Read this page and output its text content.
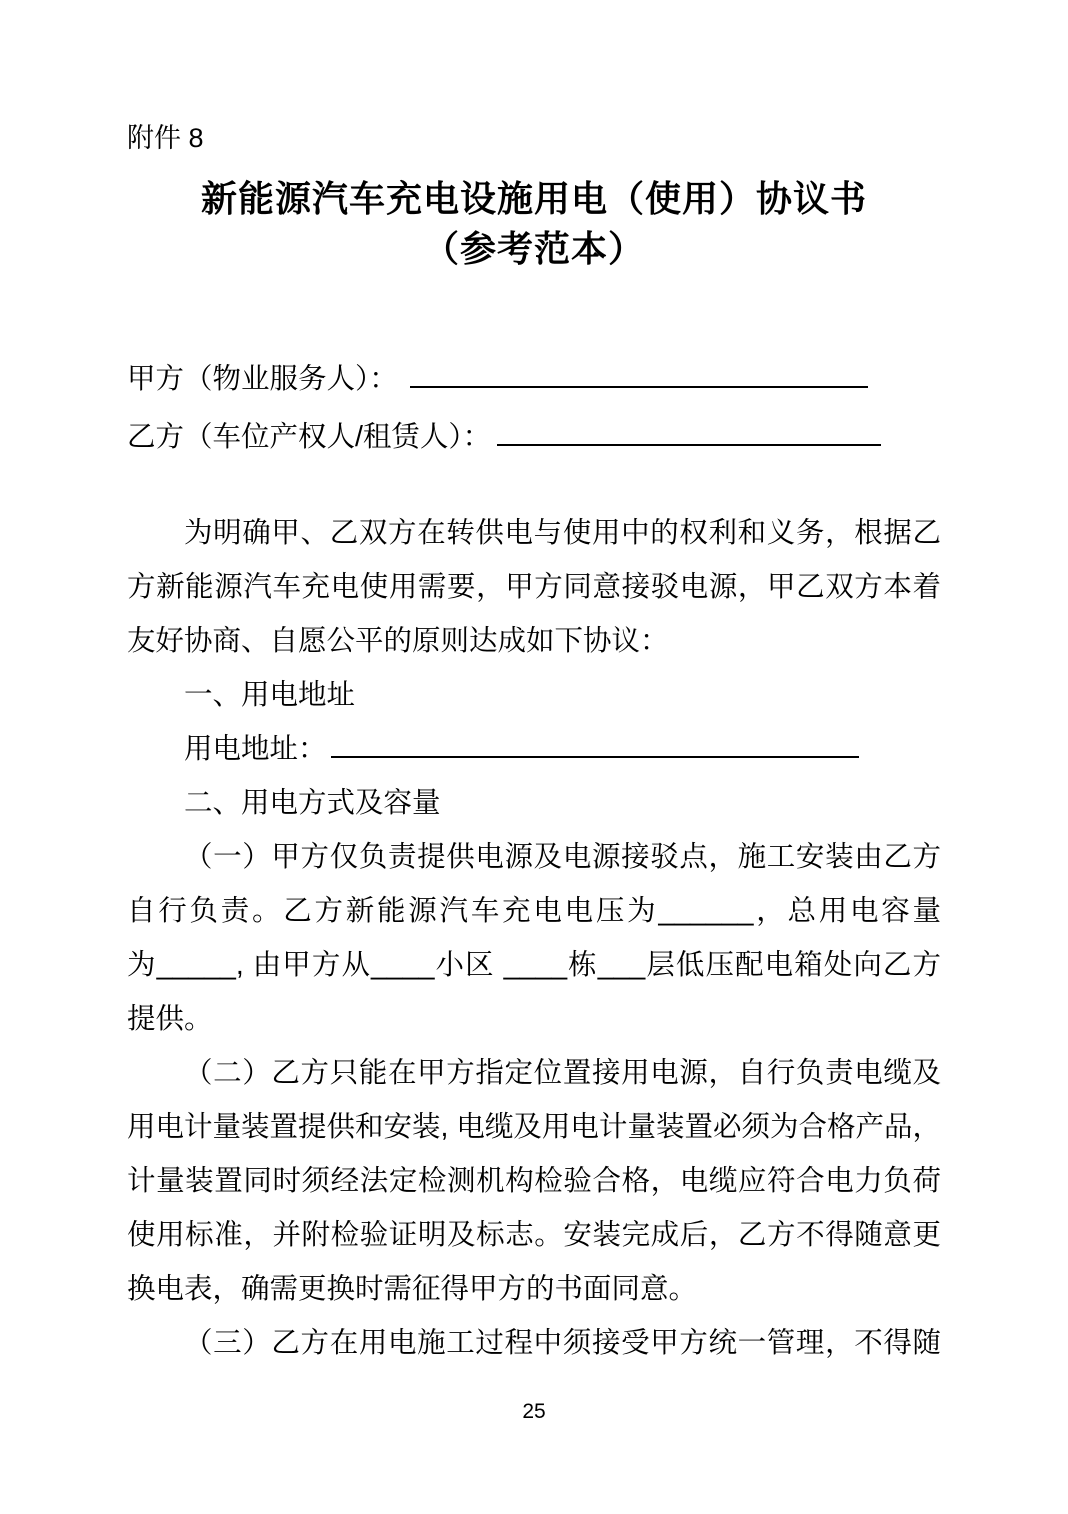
附件 8
新能源汽车充电设施用电（使用）协议书
（参考范本）
甲方（物业服务人）：
乙方（车位产权人/租赁人）：
为明确甲、乙双方在转供电与使用中的权利和义务，根据乙
方新能源汽车充电使用需要，甲方同意接驳电源，甲乙双方本着
友好协商、自愿公平的原则达成如下协议：
一、用电地址
用电地址：
二、用电方式及容量
（一）甲方仅负责提供电源及电源接驳点，施工安装由乙方
自行负责。乙方新能源汽车充电电压为______，总用电容量
为_____, 由甲方从____小区 ____栋___层低压配电箱处向乙方
提供。
（二）乙方只能在甲方指定位置接用电源，自行负责电缆及
用电计量装置提供和安装, 电缆及用电计量装置必须为合格产品，
计量装置同时须经法定检测机构检验合格，电缆应符合电力负荷
使用标准，并附检验证明及标志。安装完成后，乙方不得随意更
换电表，确需更换时需征得甲方的书面同意。
（三）乙方在用电施工过程中须接受甲方统一管理，不得随
25
